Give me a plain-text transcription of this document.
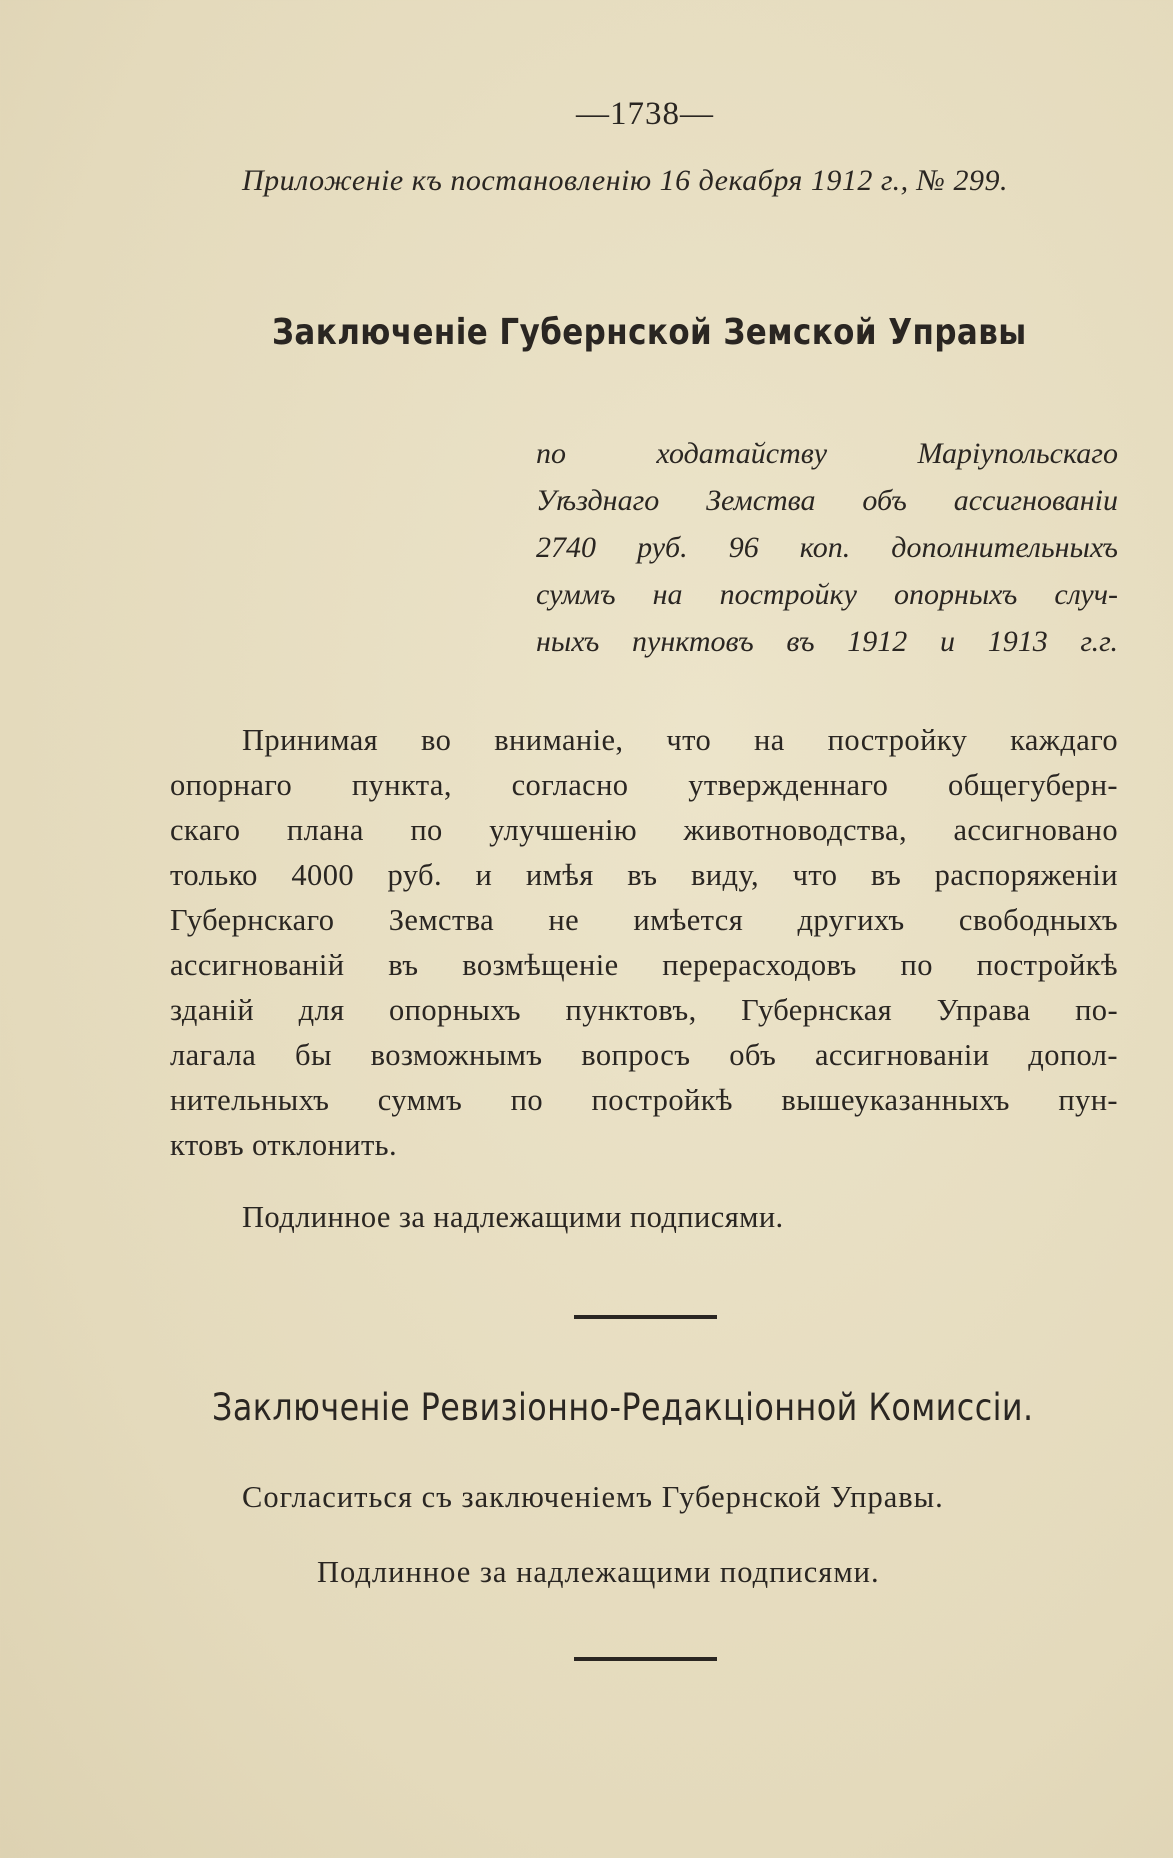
—1738—
Приложеніе къ постановленію 16 декабря 1912 г., № 299.
Заключеніе Губернской Земской Управы
по ходатайству Маріупольскаго
Уѣзднаго Земства объ ассигнованіи
2740 руб. 96 коп. дополнительныхъ
суммъ на постройку опорныхъ случ-
ныхъ пунктовъ въ 1912 и 1913 г.г.
Принимая во вниманіе, что на постройку каждаго
опорнаго пункта, согласно утвержденнаго общегуберн-
скаго плана по улучшенію животноводства, ассигновано
только 4000 руб. и имѣя въ виду, что въ распоряженіи
Губернскаго Земства не имѣется другихъ свободныхъ
ассигнованій въ возмѣщеніе перерасходовъ по постройкѣ
зданій для опорныхъ пунктовъ, Губернская Управа по-
лагала бы возможнымъ вопросъ объ ассигнованіи допол-
нительныхъ суммъ по постройкѣ вышеуказанныхъ пун-
ктовъ отклонить.
Подлинное за надлежащими подписями.
Заключеніе Ревизіонно-Редакціонной Комиссіи.
Согласиться съ заключеніемъ Губернской Управы.
Подлинное за надлежащими подписями.
